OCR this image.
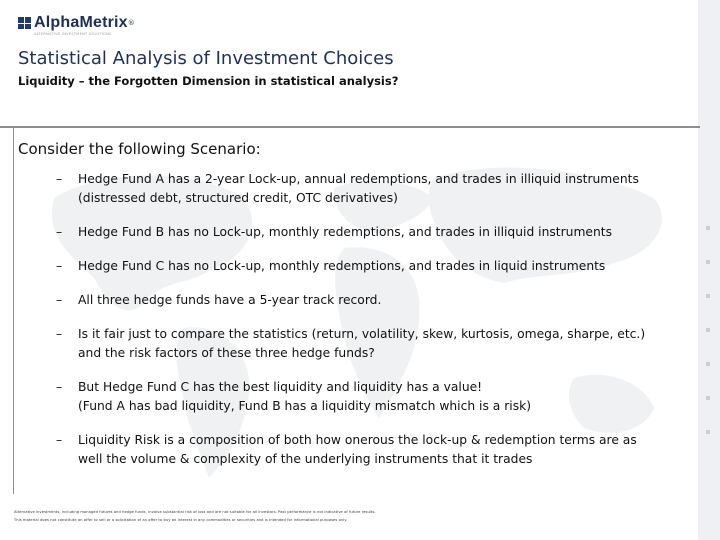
AlphaMetrix ®
ALTERNATIVE INVESTMENT SOLUTIONS
Statistical Analysis of Investment Choices
Liquidity – the Forgotten Dimension in statistical analysis?

Consider the following Scenario:

– Hedge Fund A has a 2-year Lock-up, annual redemptions, and trades in illiquid instruments
(distressed debt, structured credit, OTC derivatives)
– Hedge Fund B has no Lock-up, monthly redemptions, and trades in illiquid instruments
– Hedge Fund C has no Lock-up, monthly redemptions, and trades in liquid instruments
– All three hedge funds have a 5-year track record.
– Is it fair just to compare the statistics (return, volatility, skew, kurtosis, omega, sharpe, etc.)
and the risk factors of these three hedge funds?
– But Hedge Fund C has the best liquidity and liquidity has a value!
(Fund A has bad liquidity, Fund B has a liquidity mismatch which is a risk)
– Liquidity Risk is a composition of both how onerous the lock-up & redemption terms are as
well the volume & complexity of the underlying instruments that it trades
Alternative investments, including managed futures and hedge funds, involve substantial risk of loss and are not suitable for all investors. Past performance is not indicative of future results.
This material does not constitute an offer to sell or a solicitation of an offer to buy an interest in any commodities or securities and is intended for informational purposes only.
